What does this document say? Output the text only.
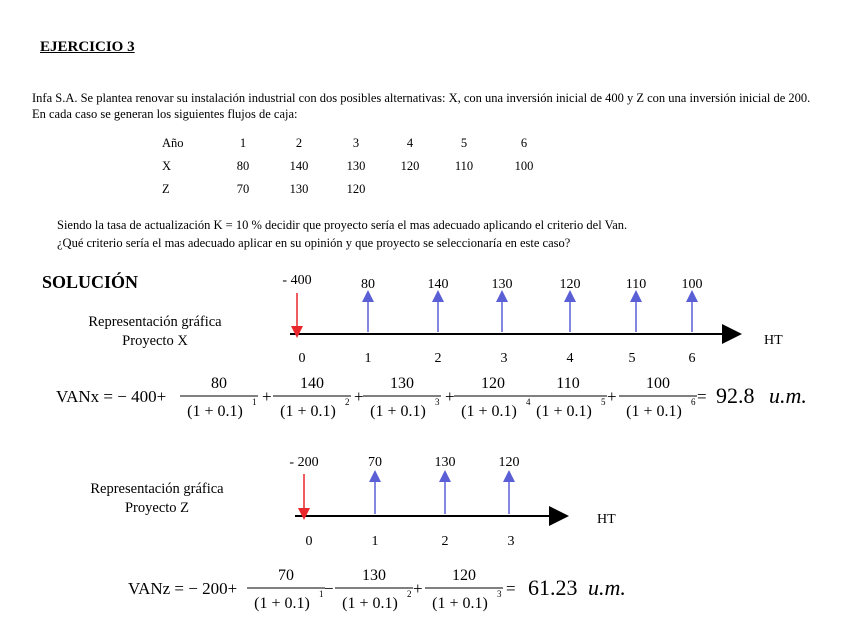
EJERCICIO 3
Infa S.A. Se plantea renovar su instalación industrial con dos posibles alternativas: X, con una inversión inicial de 400 y Z con una inversión inicial de 200. En cada caso se generan los siguientes flujos de caja:
Año	1	2	3	4	5	6
X	80	140	130	120	110	100
Z	70	130	120			
Siendo la tasa de actualización K = 10 % decidir que proyecto sería el mas adecuado aplicando el criterio del Van.
¿Qué criterio sería el mas adecuado aplicar en su opinión y que proyecto se seleccionaría en este caso?
SOLUCIÓN
Representación gráfica
Proyecto X
Representación gráfica
Proyecto Z
HT
- 400	80	140	130	120	110	100
0	1	2	3	4	5	6
HT
- 200	70	130	120
0	1	2	3
VANx = − 400+
80
(1 + 0.1)
1
140
(1 + 0.1)
2
+
130
(1 + 0.1)
3
+
120
(1 + 0.1)
4
+
110
(1 + 0.1)
5
100
(1 + 0.1)
6
+	= 92.8 u.m.
VANz = − 200+
70
(1 + 0.1)
1
130
(1 + 0.1)
2
−
120
(1 + 0.1)
3
+	= 61.23 u.m.
